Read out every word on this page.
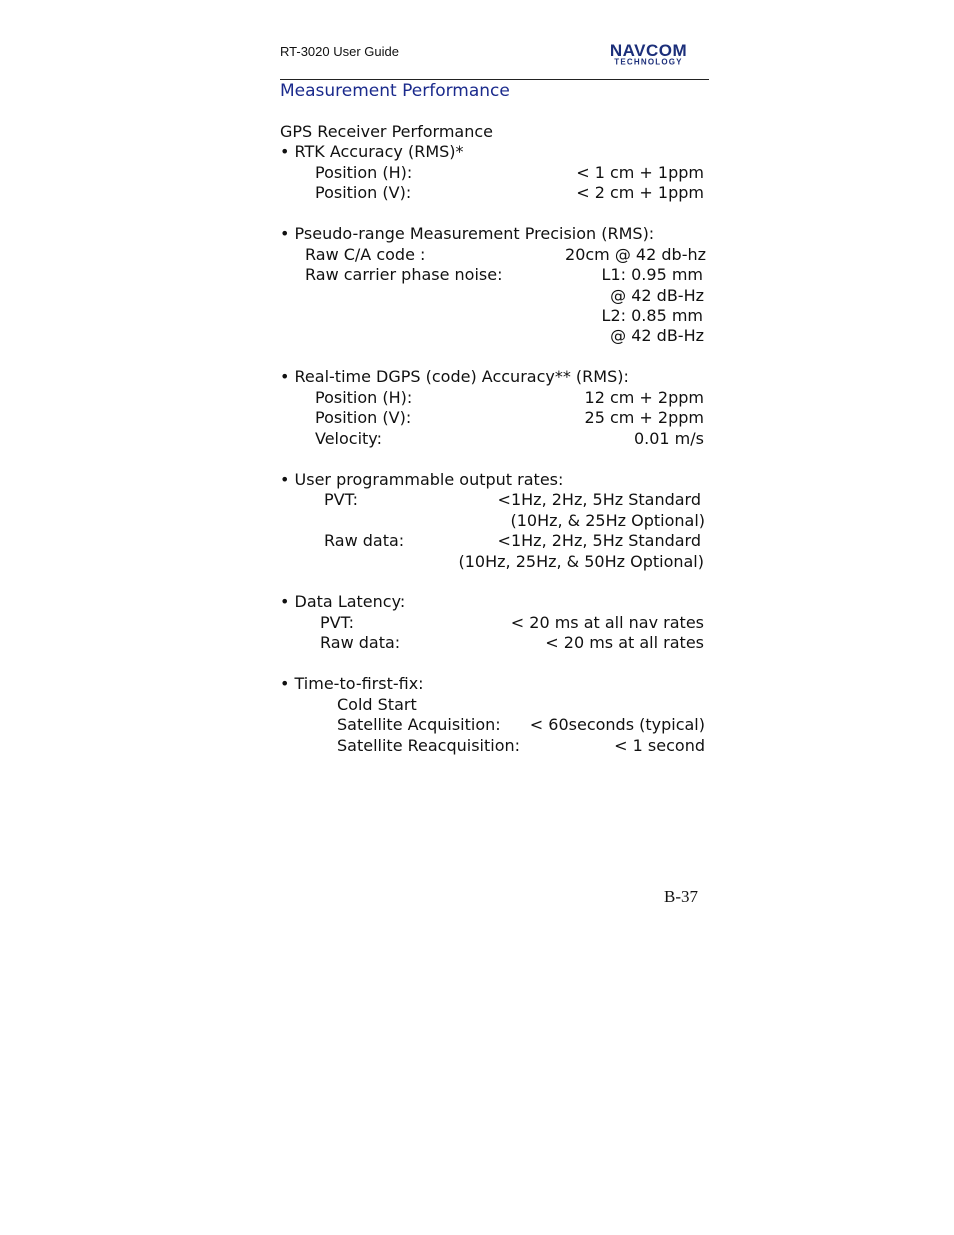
RT-3020 User Guide	NAVCOM
TECHNOLOGY
Measurement Performance
GPS Receiver Performance
• RTK Accuracy (RMS)*
Position (H):	< 1 cm + 1ppm
Position (V):	< 2 cm + 1ppm
• Pseudo-range Measurement Precision (RMS):
Raw C/A code :	20cm @ 42 db-hz
Raw carrier phase noise:	L1: 0.95 mm
@ 42 dB-Hz
L2: 0.85 mm
@ 42 dB-Hz
• Real-time DGPS (code) Accuracy** (RMS):
Position (H):	12 cm + 2ppm
Position (V):	25 cm + 2ppm
Velocity:	0.01 m/s
• User programmable output rates:
PVT:	<1Hz, 2Hz, 5Hz Standard
(10Hz, & 25Hz Optional)
Raw data:	<1Hz, 2Hz, 5Hz Standard
(10Hz, 25Hz, & 50Hz Optional)
• Data Latency:
PVT:	< 20 ms at all nav rates
Raw data:	< 20 ms at all rates
• Time-to-first-fix:
Cold Start
Satellite Acquisition: < 60seconds (typical)
Satellite Reacquisition:	< 1 second
B-37
